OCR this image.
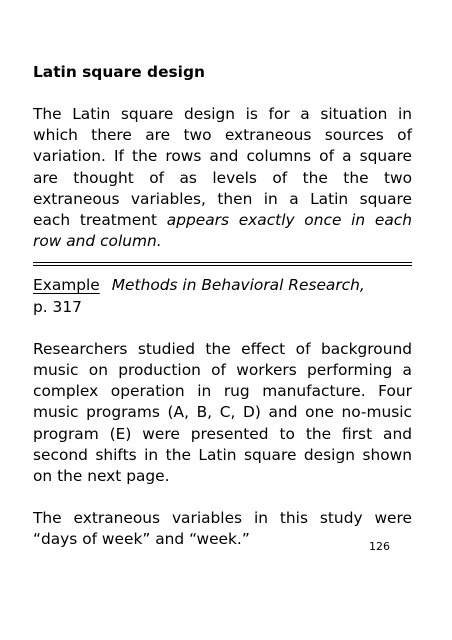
Latin square design

The Latin square design is for a situation in which there are two extraneous sources of variation. If the rows and columns of a square are thought of as levels of the the two extraneous variables, then in a Latin square each treatment appears exactly once in each row and column.

Example Methods in Behavioral Research,

p. 317

Researchers studied the effect of background music on production of workers performing a complex operation in rug manufacture. Four music programs (A, B, C, D) and one no-music program (E) were presented to the first and second shifts in the Latin square design shown on the next page.

The extraneous variables in this study were “days of week” and “week.”	126
